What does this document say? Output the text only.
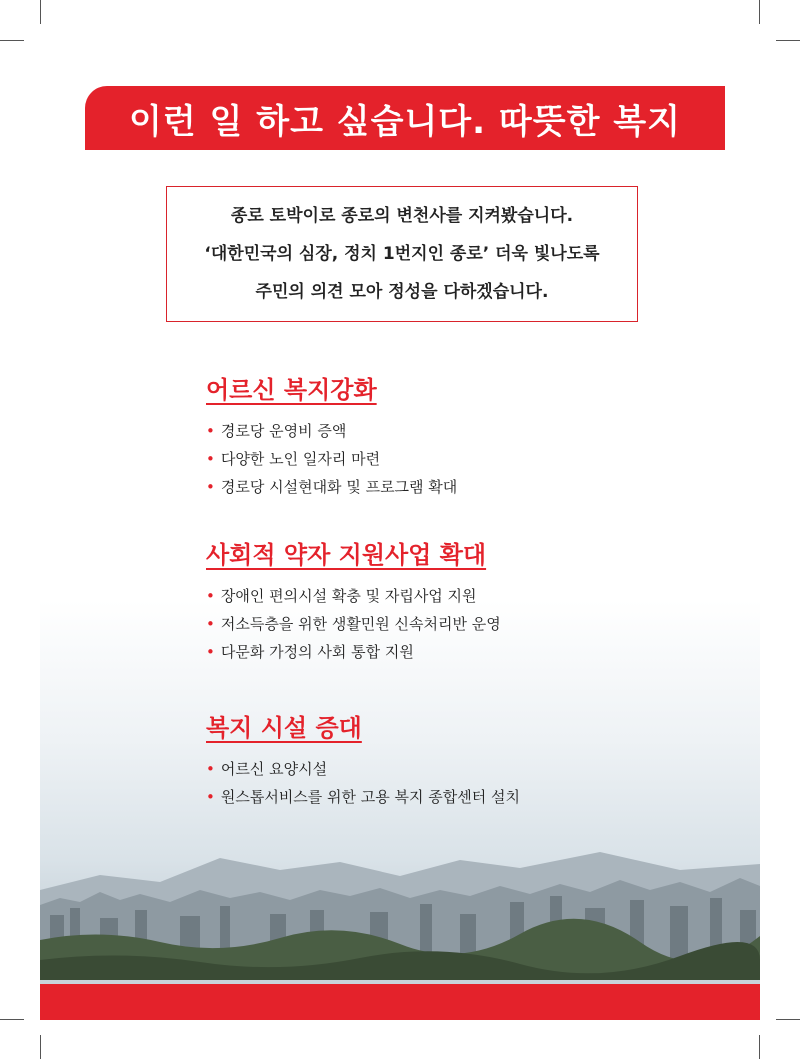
이런 일 하고 싶습니다. 따뜻한 복지
종로 토박이로 종로의 변천사를 지켜봤습니다.
‘대한민국의 심장, 정치 1번지인 종로’ 더욱 빛나도록
주민의 의견 모아 정성을 다하겠습니다.
어르신 복지강화
• 경로당 운영비 증액
• 다양한 노인 일자리 마련
• 경로당 시설현대화 및 프로그램 확대
사회적 약자 지원사업 확대
• 장애인 편의시설 확충 및 자립사업 지원
• 저소득층을 위한 생활민원 신속처리반 운영
• 다문화 가정의 사회 통합 지원
복지 시설 증대
• 어르신 요양시설
• 원스톱서비스를 위한 고용 복지 종합센터 설치
